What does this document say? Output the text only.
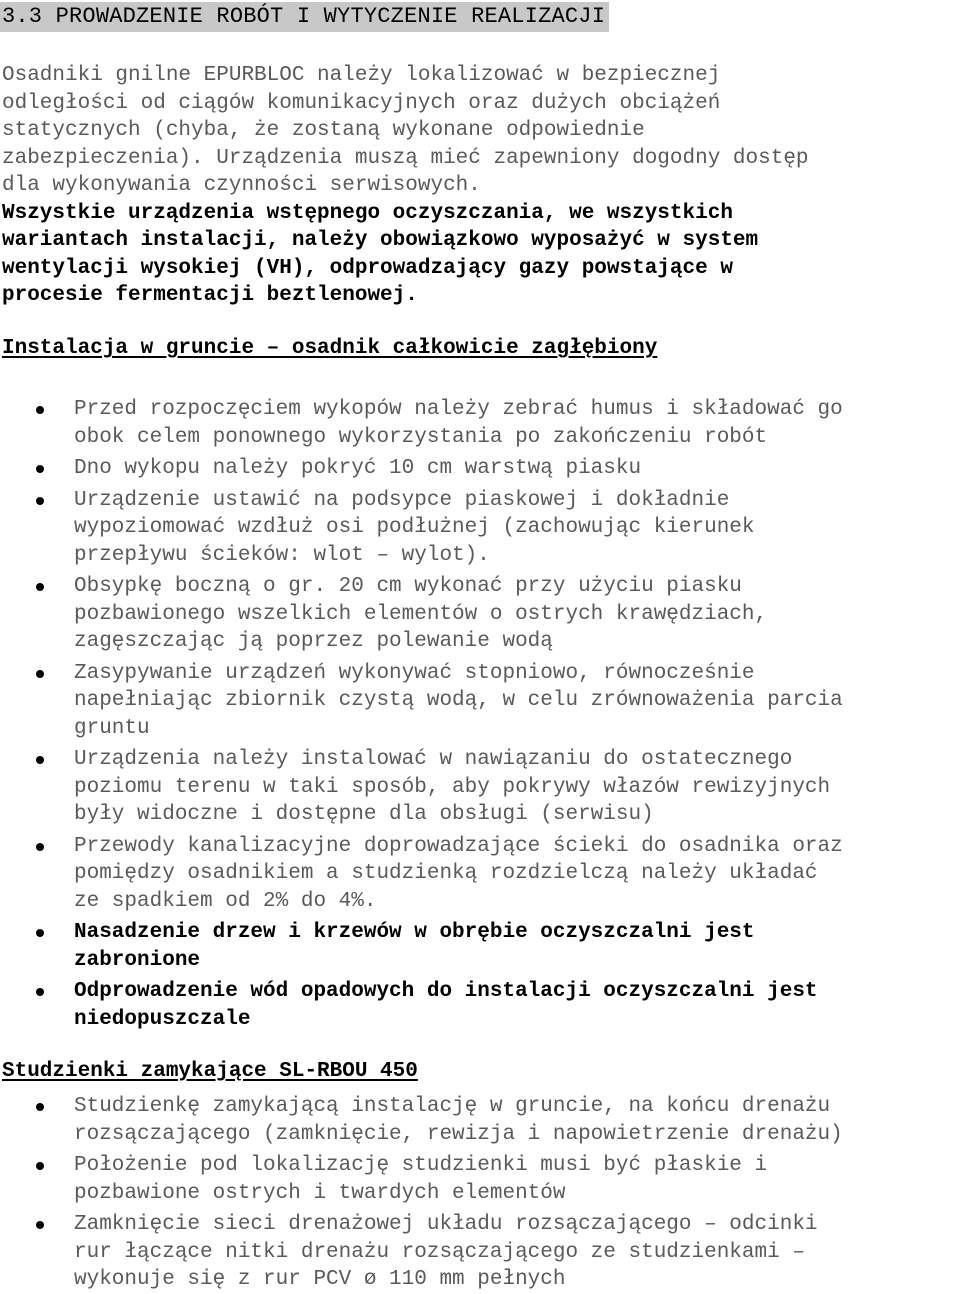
3.3 PROWADZENIE ROBÓT I WYTYCZENIE REALIZACJI

Osadniki gnilne EPURBLOC należy lokalizować w bezpiecznej

odległości od ciągów komunikacyjnych oraz dużych obciążeń

statycznych (chyba, że zostaną wykonane odpowiednie

zabezpieczenia). Urządzenia muszą mieć zapewniony dogodny dostęp

dla wykonywania czynności serwisowych.

Wszystkie urządzenia wstępnego oczyszczania, we wszystkich

wariantach instalacji, należy obowiązkowo wyposażyć w system

wentylacji wysokiej (VH), odprowadzający gazy powstające w

procesie fermentacji beztlenowej.

Instalacja w gruncie – osadnik całkowicie zagłębiony
Przed rozpoczęciem wykopów należy zebrać humus i składować go
obok celem ponownego wykorzystania po zakończeniu robót
Dno wykopu należy pokryć 10 cm warstwą piasku
Urządzenie ustawić na podsypce piaskowej i dokładnie
wypoziomować wzdłuż osi podłużnej (zachowując kierunek
przepływu ścieków: wlot – wylot).
Obsypkę boczną o gr. 20 cm wykonać przy użyciu piasku
pozbawionego wszelkich elementów o ostrych krawędziach,
zagęszczając ją poprzez polewanie wodą
Zasypywanie urządzeń wykonywać stopniowo, równocześnie
napełniając zbiornik czystą wodą, w celu zrównoważenia parcia
gruntu
Urządzenia należy instalować w nawiązaniu do ostatecznego
poziomu terenu w taki sposób, aby pokrywy włazów rewizyjnych
były widoczne i dostępne dla obsługi (serwisu)
Przewody kanalizacyjne doprowadzające ścieki do osadnika oraz
pomiędzy osadnikiem a studzienką rozdzielczą należy układać
ze spadkiem od 2% do 4%.
Nasadzenie drzew i krzewów w obrębie oczyszczalni jest
zabronione
Odprowadzenie wód opadowych do instalacji oczyszczalni jest
niedopuszczale
Studzienki zamykające SL-RBOU 450
Studzienkę zamykającą instalację w gruncie, na końcu drenażu
rozsączającego (zamknięcie, rewizja i napowietrzenie drenażu)
Położenie pod lokalizację studzienki musi być płaskie i
pozbawione ostrych i twardych elementów
Zamknięcie sieci drenażowej układu rozsączającego – odcinki
rur łączące nitki drenażu rozsączającego ze studzienkami –
wykonuje się z rur PCV ø 110 mm pełnych
